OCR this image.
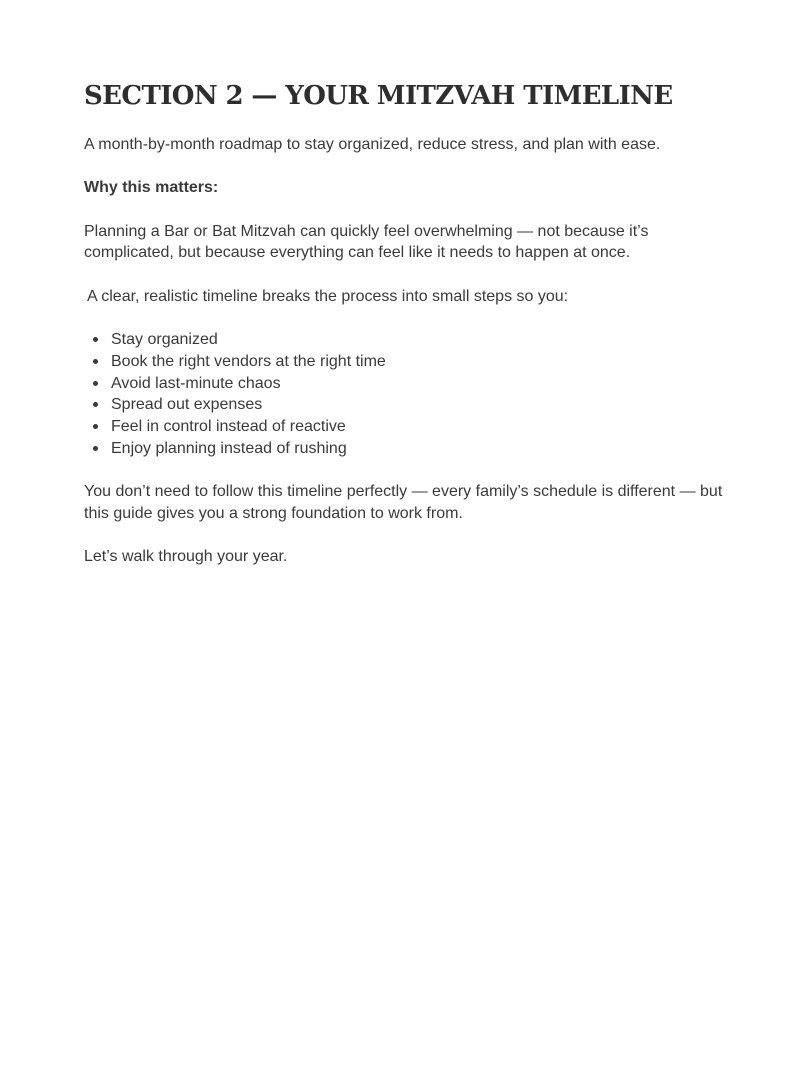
SECTION 2 — YOUR MITZVAH TIMELINE

A month-by-month roadmap to stay organized, reduce stress, and plan with ease.

Why this matters:

Planning a Bar or Bat Mitzvah can quickly feel overwhelming — not because it’s complicated, but because everything can feel like it needs to happen at once.

A clear, realistic timeline breaks the process into small steps so you:

Stay organized
Book the right vendors at the right time
Avoid last-minute chaos
Spread out expenses
Feel in control instead of reactive
Enjoy planning instead of rushing

You don’t need to follow this timeline perfectly — every family’s schedule is different — but this guide gives you a strong foundation to work from.

Let’s walk through your year.
